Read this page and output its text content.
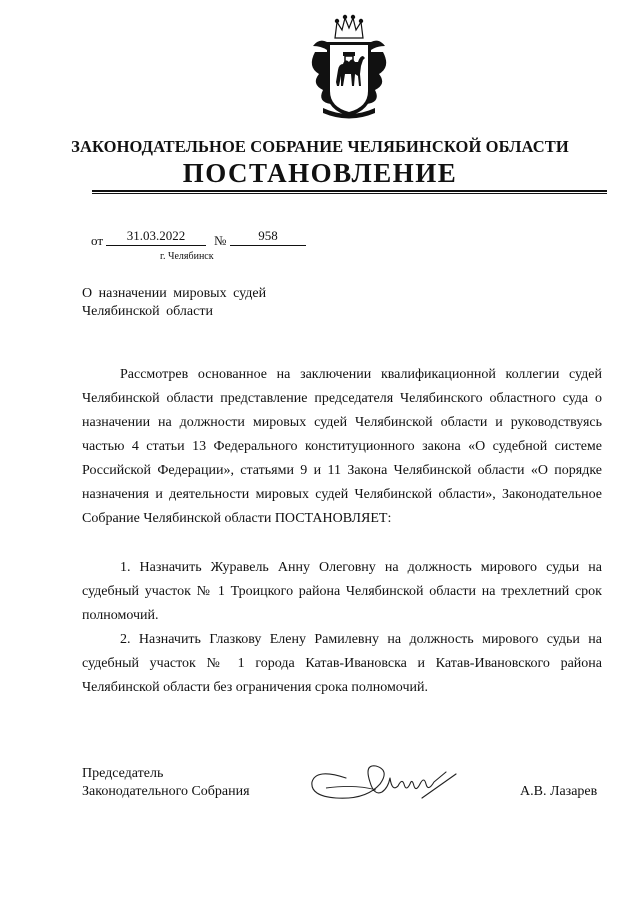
ЗАКОНОДАТЕЛЬНОЕ СОБРАНИЕ ЧЕЛЯБИНСКОЙ ОБЛАСТИ
ПОСТАНОВЛЕНИЕ
от	31.03.2022	№	958
г. Челябинск
О назначении мировых судей
Челябинской области
Рассмотрев основанное на заключении квалификационной коллегии судей Челябинской области представление председателя Челябинского областного суда о назначении на должности мировых судей Челябинской области и руководствуясь частью 4 статьи 13 Федерального конституционного закона «О судебной системе Российской Федерации», статьями 9 и 11 Закона Челябинской области «О порядке назначения и деятельности мировых судей Челябинской области», Законодательное Собрание Челябинской области ПОСТАНОВЛЯЕТ:
1. Назначить Журавель Анну Олеговну на должность мирового судьи на судебный участок № 1 Троицкого района Челябинской области на трехлетний срок полномочий.
2. Назначить Глазкову Елену Рамилевну на должность мирового судьи на судебный участок № 1 города Катав-Ивановска и Катав-Ивановского района Челябинской области без ограничения срока полномочий.
Председатель
Законодательного Собрания	А.В. Лазарев
